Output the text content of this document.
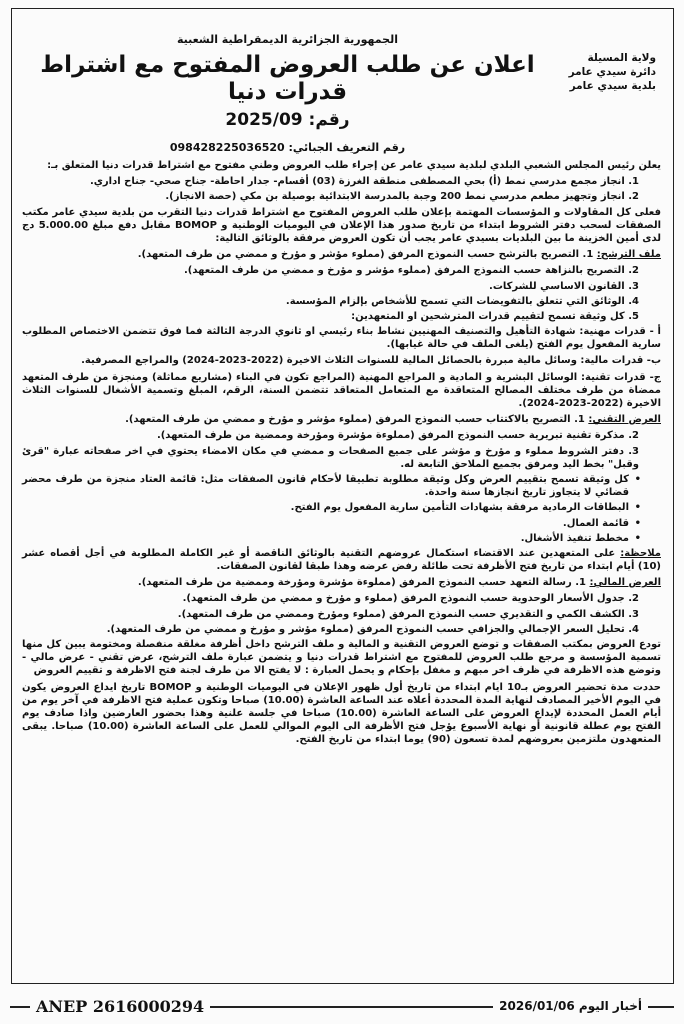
ولاية المسيلة
دائرة سيدي عامر
بلدية سيدي عامر
الجمهورية الجزائرية الديمقراطية الشعبية
اعلان عن طلب العروض المفتوح مع اشتراط قدرات دنيا
رقم: 2025/09
رقم التعريف الجبائي: 098428225036520

يعلن رئيس المجلس الشعبي البلدي لبلدية سيدي عامر عن إجراء طلب العروض وطني مفتوح مع اشتراط قدرات دنيا المتعلق بـ:

1. انجاز مجمع مدرسي نمط (أ) بحي المصطفى منطقة الغرزة (03) أقسام- جدار احاطة- جناح صحي- جناح اداري.
2. انجاز وتجهيز مطعم مدرسي نمط 200 وجبة بالمدرسة الابتدائية بوصيلة بن مكي (حصة الانجاز).

فعلى كل المقاولات و المؤسسات المهتمة بإعلان طلب العروض المفتوح مع اشتراط قدرات دنيا التقرب من بلدية سيدي عامر مكتب الصفقات لسحب دفتر الشروط ابتداء من تاريخ صدور هذا الإعلان في اليوميات الوطنية و BOMOP مقابل دفع مبلغ 5.000.00 دج لدى أمين الخزينة ما بين البلديات بسيدي عامر يجب أن تكون العروض مرفقة بالوثائق التالية:

ملف الترشح: 1. التصريح بالترشح حسب النموذج المرفق (مملوء مؤشر و مؤرخ و ممضي من طرف المتعهد).

2. التصريح بالنزاهة حسب النموذج المرفق (مملوء مؤشر و مؤرخ و ممضي من طرف المتعهد).
3. القانون الاساسي للشركات.
4. الوثائق التي تتعلق بالتفويضات التي تسمح للأشخاص بإلزام المؤسسة.
5. كل وثيقة تسمح لتقييم قدرات المترشحين او المتعهدين:

أ - قدرات مهنية: شهادة التأهيل والتصنيف المهنيين نشاط بناء رئيسي او ثانوي الدرجة الثالثة فما فوق تتضمن الاختصاص المطلوب سارية المفعول يوم الفتح (يلغى الملف في حالة غيابها).

ب- قدرات مالية: وسائل مالية مبررة بالحصائل المالية للسنوات الثلاث الاخيرة (2022-2023-2024) والمراجع المصرفية.

ج- قدرات تقنية: الوسائل البشرية و المادية و المراجع المهنية (المراجع تكون في البناء (مشاريع مماثلة) ومنجزة من طرف المتعهد ممضاة من طرف مختلف المصالح المتعاقدة مع المتعامل المتعاقد تتضمن السنة، الرقم، المبلغ وتسمية الأشغال للسنوات الثلاث الاخيرة (2022-2023-2024).

العرض التقني: 1. التصريح بالاكتتاب حسب النموذج المرفق (مملوء مؤشر و مؤرخ و ممضي من طرف المتعهد).

2. مذكرة تقنية تبريرية حسب النموذج المرفق (مملوءة مؤشرة ومؤرخة وممضية من طرف المتعهد).
3. دفتر الشروط مملوء و مؤرخ و مؤشر على جميع الصفحات و ممضي في مكان الامضاء يحتوي في اخر صفحاته عبارة "قرئ وقبل" بخط اليد ومرفق بجميع الملاحق التابعة له.
• كل وثيقة تسمح بتقييم العرض وكل وثيقة مطلوبة تطبيقا لأحكام قانون الصفقات مثل: قائمة العتاد منجزة من طرف محضر قضائي لا يتجاوز تاريخ انجازها سنة واحدة.
• البطاقات الرمادية مرفقة بشهادات التأمين سارية المفعول يوم الفتح.
• قائمة العمال.
• مخطط تنفيذ الأشغال.

ملاحظة: على المتعهدين عند الاقتضاء استكمال عروضهم التقنية بالوثائق الناقصة أو غير الكاملة المطلوبة في أجل أقصاه عشر (10) أيام ابتداء من تاريخ فتح الأظرفة تحت طائلة رفض عرضه وهذا طبقا لقانون الصفقات.

العرض المالي: 1. رسالة التعهد حسب النموذج المرفق (مملوءة مؤشرة ومؤرخة وممضية من طرف المتعهد).

2. جدول الأسعار الوحدوية حسب النموذج المرفق (مملوء و مؤرخ و ممضي من طرف المتعهد).
3. الكشف الكمي و التقديري حسب النموذج المرفق (مملوء ومؤرخ وممضي من طرف المتعهد).
4. تحليل السعر الإجمالي والجزافي حسب النموذج المرفق (مملوء مؤشر و مؤرخ و ممضي من طرف المتعهد).

تودع العروض بمكتب الصفقات و توضع العروض التقنية و المالية و ملف الترشح داخل أظرفة مغلقة منفصلة ومختومة يبين كل منها تسمية المؤسسة و مرجع طلب العروض للمفتوح مع اشتراط قدرات دنيا و يتضمن عبارة ملف الترشح، عرض تقني - عرض مالي - وتوضع هذه الاظرفة في ظرف اخر مبهم و مغفل بإحكام و يحمل العبارة : لا يفتح الا من طرف لجنة فتح الاظرفة و تقييم العروض

حددت مدة تحضير العروض بـ10 ايام ابتداء من تاريخ أول ظهور الإعلان في اليوميات الوطنية و BOMOP تاريخ ايداع العروض يكون في اليوم الأخير المصادف لنهاية المدة المحددة أعلاه عند الساعة العاشرة (10.00) صباحا وتكون عملية فتح الاظرفة في آخر يوم من أيام العمل المحددة لإيداع العروض على الساعة العاشرة (10.00) صباحا في جلسة علنية وهذا بحضور العارضين واذا صادف يوم الفتح يوم عطلة قانونية أو نهاية الأسبوع يؤجل فتح الأظرفة الى اليوم الموالي للعمل على الساعة العاشرة (10.00) صباحا. يبقى المتعهدون ملتزمين بعروضهم لمدة تسعون (90) يوما ابتداء من تاريخ الفتح.

ANEP 2616000294	أخبار اليوم 2026/01/06
